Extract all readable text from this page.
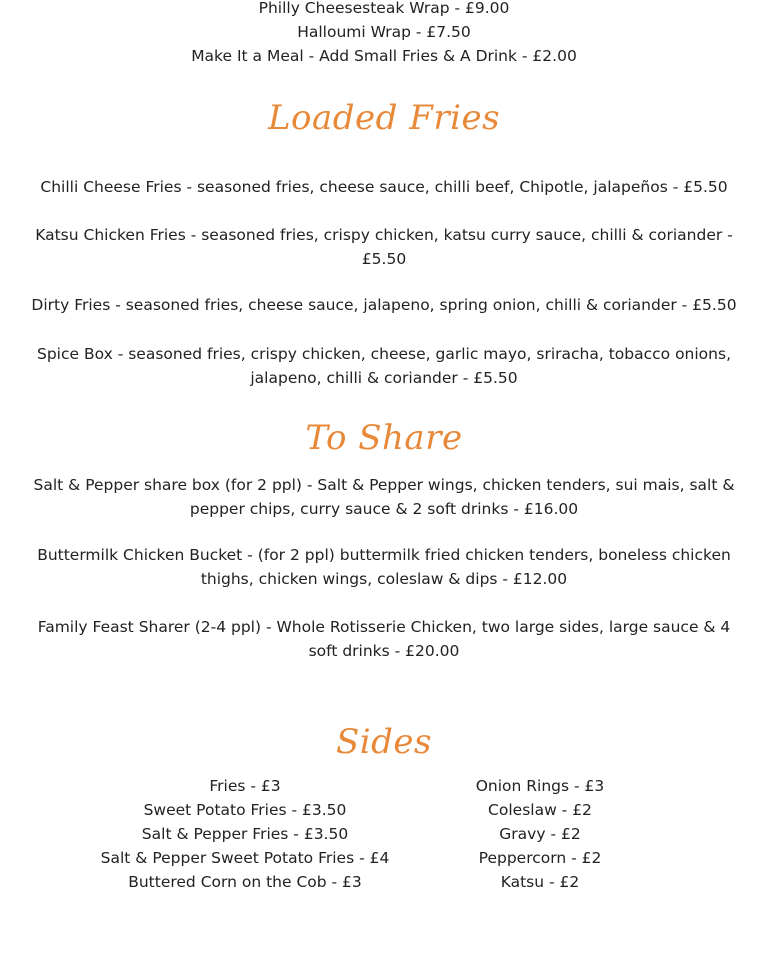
Philly Cheesesteak Wrap - £9.00
Halloumi Wrap - £7.50
Make It a Meal - Add Small Fries & A Drink - £2.00
Loaded Fries
Chilli Cheese Fries - seasoned fries, cheese sauce, chilli beef, Chipotle, jalapeños - £5.50
Katsu Chicken Fries - seasoned fries, crispy chicken, katsu curry sauce, chilli & coriander -
£5.50
Dirty Fries - seasoned fries, cheese sauce, jalapeno, spring onion, chilli & coriander - £5.50
Spice Box - seasoned fries, crispy chicken, cheese, garlic mayo, sriracha, tobacco onions,
jalapeno, chilli & coriander - £5.50
To Share
Salt & Pepper share box (for 2 ppl) - Salt & Pepper wings, chicken tenders, sui mais, salt &
pepper chips, curry sauce & 2 soft drinks - £16.00
Buttermilk Chicken Bucket - (for 2 ppl) buttermilk fried chicken tenders, boneless chicken
thighs, chicken wings, coleslaw & dips - £12.00
Family Feast Sharer (2-4 ppl) - Whole Rotisserie Chicken, two large sides, large sauce & 4
soft drinks - £20.00
Sides
Fries - £3
Sweet Potato Fries - £3.50
Salt & Pepper Fries - £3.50
Salt & Pepper Sweet Potato Fries - £4
Buttered Corn on the Cob - £3
Onion Rings - £3
Coleslaw - £2
Gravy - £2
Peppercorn - £2
Katsu - £2
